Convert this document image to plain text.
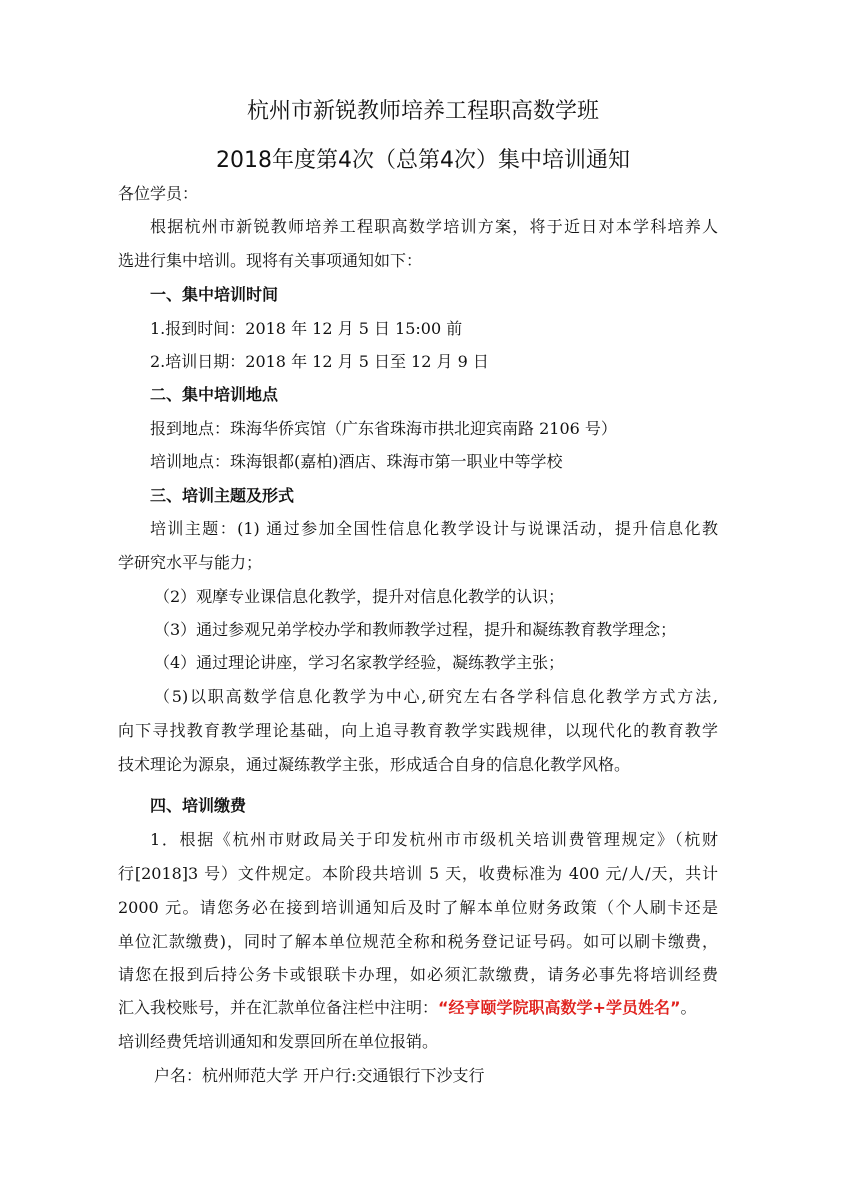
杭州市新锐教师培养工程职高数学班
2018年度第4次（总第4次）集中培训通知
各位学员：
根据杭州市新锐教师培养工程职高数学培训方案，将于近日对本学科培养人
选进行集中培训。现将有关事项通知如下：
一、集中培训时间
1.报到时间：2018 年 12 月 5 日 15:00 前
2.培训日期：2018 年 12 月 5 日至 12 月 9 日
二、集中培训地点
报到地点：珠海华侨宾馆（广东省珠海市拱北迎宾南路 2106 号）
培训地点：珠海银都(嘉柏)酒店、珠海市第一职业中等学校
三、培训主题及形式
培训主题：(1) 通过参加全国性信息化教学设计与说课活动，提升信息化教
学研究水平与能力；
（2）观摩专业课信息化教学，提升对信息化教学的认识；
（3）通过参观兄弟学校办学和教师教学过程，提升和凝练教育教学理念；
（4）通过理论讲座，学习名家教学经验，凝练教学主张；
（5)以职高数学信息化教学为中心,研究左右各学科信息化教学方式方法,
向下寻找教育教学理论基础，向上追寻教育教学实践规律，以现代化的教育教学
技术理论为源泉，通过凝练教学主张，形成适合自身的信息化教学风格。
四、培训缴费
1．根据《杭州市财政局关于印发杭州市市级机关培训费管理规定》（杭财
行[2018]3 号）文件规定。本阶段共培训 5 天，收费标准为 400 元/人/天，共计
2000 元。请您务必在接到培训通知后及时了解本单位财务政策（个人刷卡还是
单位汇款缴费)，同时了解本单位规范全称和税务登记证号码。如可以刷卡缴费，
请您在报到后持公务卡或银联卡办理，如必须汇款缴费，请务必事先将培训经费
汇入我校账号，并在汇款单位备注栏中注明：“经亨颐学院职高数学+学员姓名”。
培训经费凭培训通知和发票回所在单位报销。
户名：杭州师范大学 开户行:交通银行下沙支行
